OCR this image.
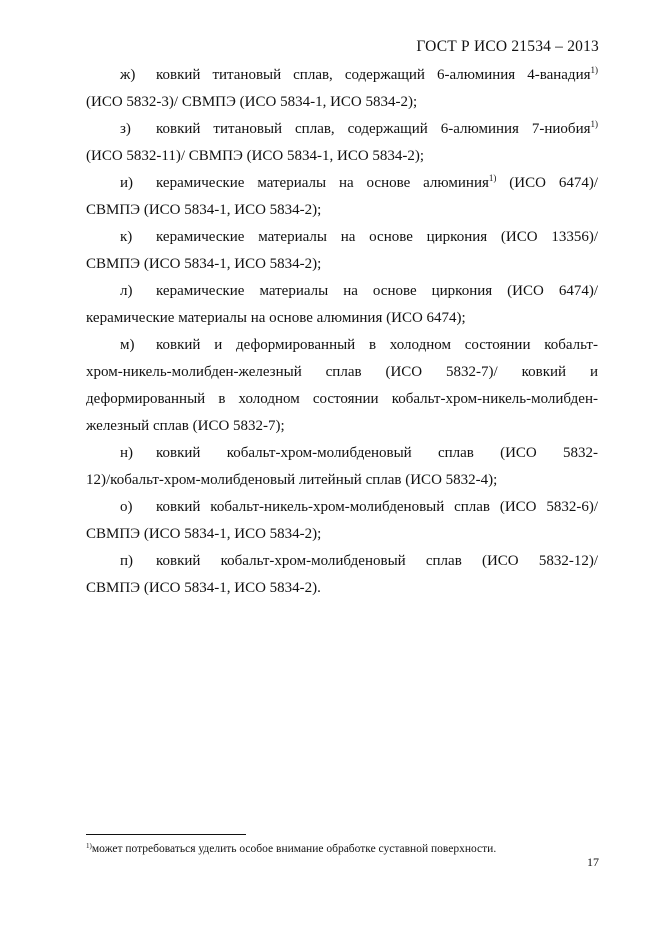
ГОСТ Р ИСО 21534 – 2013

ж) ковкий титановый сплав, содержащий 6-алюминия 4-ванадия$^{1)}$
(ИСО 5832-3)/ СВМПЭ (ИСО 5834-1, ИСО 5834-2);

з) ковкий титановый сплав, содержащий 6-алюминия 7-ниобия$^{1)}$
(ИСО 5832-11)/ СВМПЭ (ИСО 5834-1, ИСО 5834-2);

и) керамические материалы на основе алюминия$^{1)}$ (ИСО 6474)/
СВМПЭ (ИСО 5834-1, ИСО 5834-2);

к) керамические материалы на основе циркония (ИСО 13356)/
СВМПЭ (ИСО 5834-1, ИСО 5834-2);

л) керамические материалы на основе циркония (ИСО 6474)/
керамические материалы на основе алюминия (ИСО 6474);

м) ковкий и деформированный в холодном состоянии кобальт-
хром-никель-молибден-железный сплав (ИСО 5832-7)/ ковкий и деформированный в холодном состоянии кобальт-хром-никель-молибден-железный сплав (ИСО 5832-7);

н) ковкий кобальт-хром-молибденовый сплав (ИСО 5832-
12)/кобальт-хром-молибденовый литейный сплав (ИСО 5832-4);

о) ковкий кобальт-никель-хром-молибденовый сплав (ИСО 5832-6)/
СВМПЭ (ИСО 5834-1, ИСО 5834-2);

п) ковкий кобальт-хром-молибденовый сплав (ИСО 5832-12)/
СВМПЭ (ИСО 5834-1, ИСО 5834-2).

$^{1)}$может потребоваться уделить особое внимание обработке суставной поверхности.
17
